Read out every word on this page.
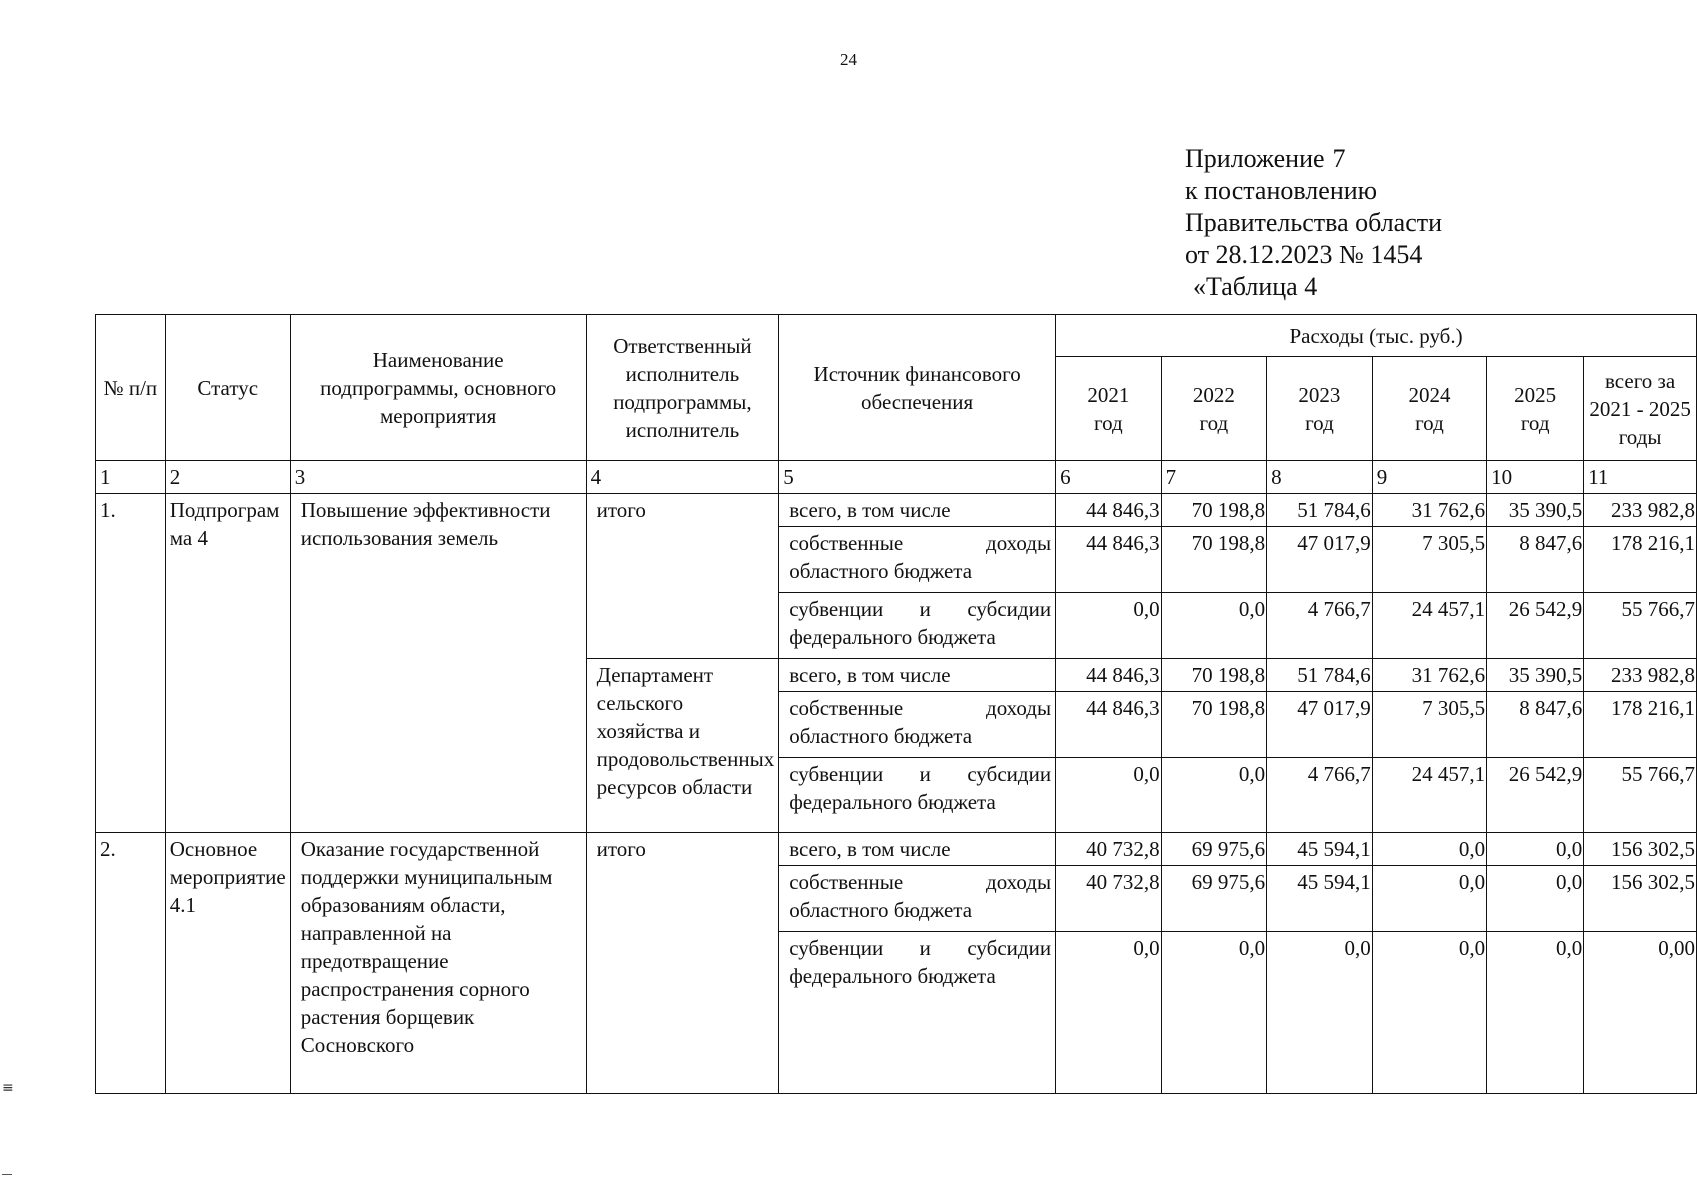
24
Приложение 7
к постановлению
Правительства области
от 28.12.2023 № 1454
«Таблица 4
№ п/п	Статус	Наименование подпрограммы, основного мероприятия	Ответственный исполнитель подпрограммы, исполнитель	Источник финансового обеспечения	Расходы (тыс. руб.)					
					2021 год	2022 год	2023 год	2024 год	2025 год	всего за 2021 - 2025 годы
1	2	3	4	5	6	7	8	9	10	11
1.	Подпрограмма 4	Повышение эффективности использования земель	итого	всего, в том числе	44 846,3	70 198,8	51 784,6	31 762,6	35 390,5	233 982,8
				собственные доходы областного бюджета	44 846,3	70 198,8	47 017,9	7 305,5	8 847,6	178 216,1
				субвенции и субсидии федерального бюджета	0,0	0,0	4 766,7	24 457,1	26 542,9	55 766,7
			Департамент сельского хозяйства и продовольственных ресурсов области	всего, в том числе	44 846,3	70 198,8	51 784,6	31 762,6	35 390,5	233 982,8
				собственные доходы областного бюджета	44 846,3	70 198,8	47 017,9	7 305,5	8 847,6	178 216,1
				субвенции и субсидии федерального бюджета	0,0	0,0	4 766,7	24 457,1	26 542,9	55 766,7
2.	Основное мероприятие 4.1	Оказание государственной поддержки муниципальным образованиям области, направленной на предотвращение распространения сорного растения борщевик Сосновского	итого	всего, в том числе	40 732,8	69 975,6	45 594,1	0,0	0,0	156 302,5
				собственные доходы областного бюджета	40 732,8	69 975,6	45 594,1	0,0	0,0	156 302,5
				субвенции и субсидии федерального бюджета	0,0	0,0	0,0	0,0	0,0	0,00
≡
